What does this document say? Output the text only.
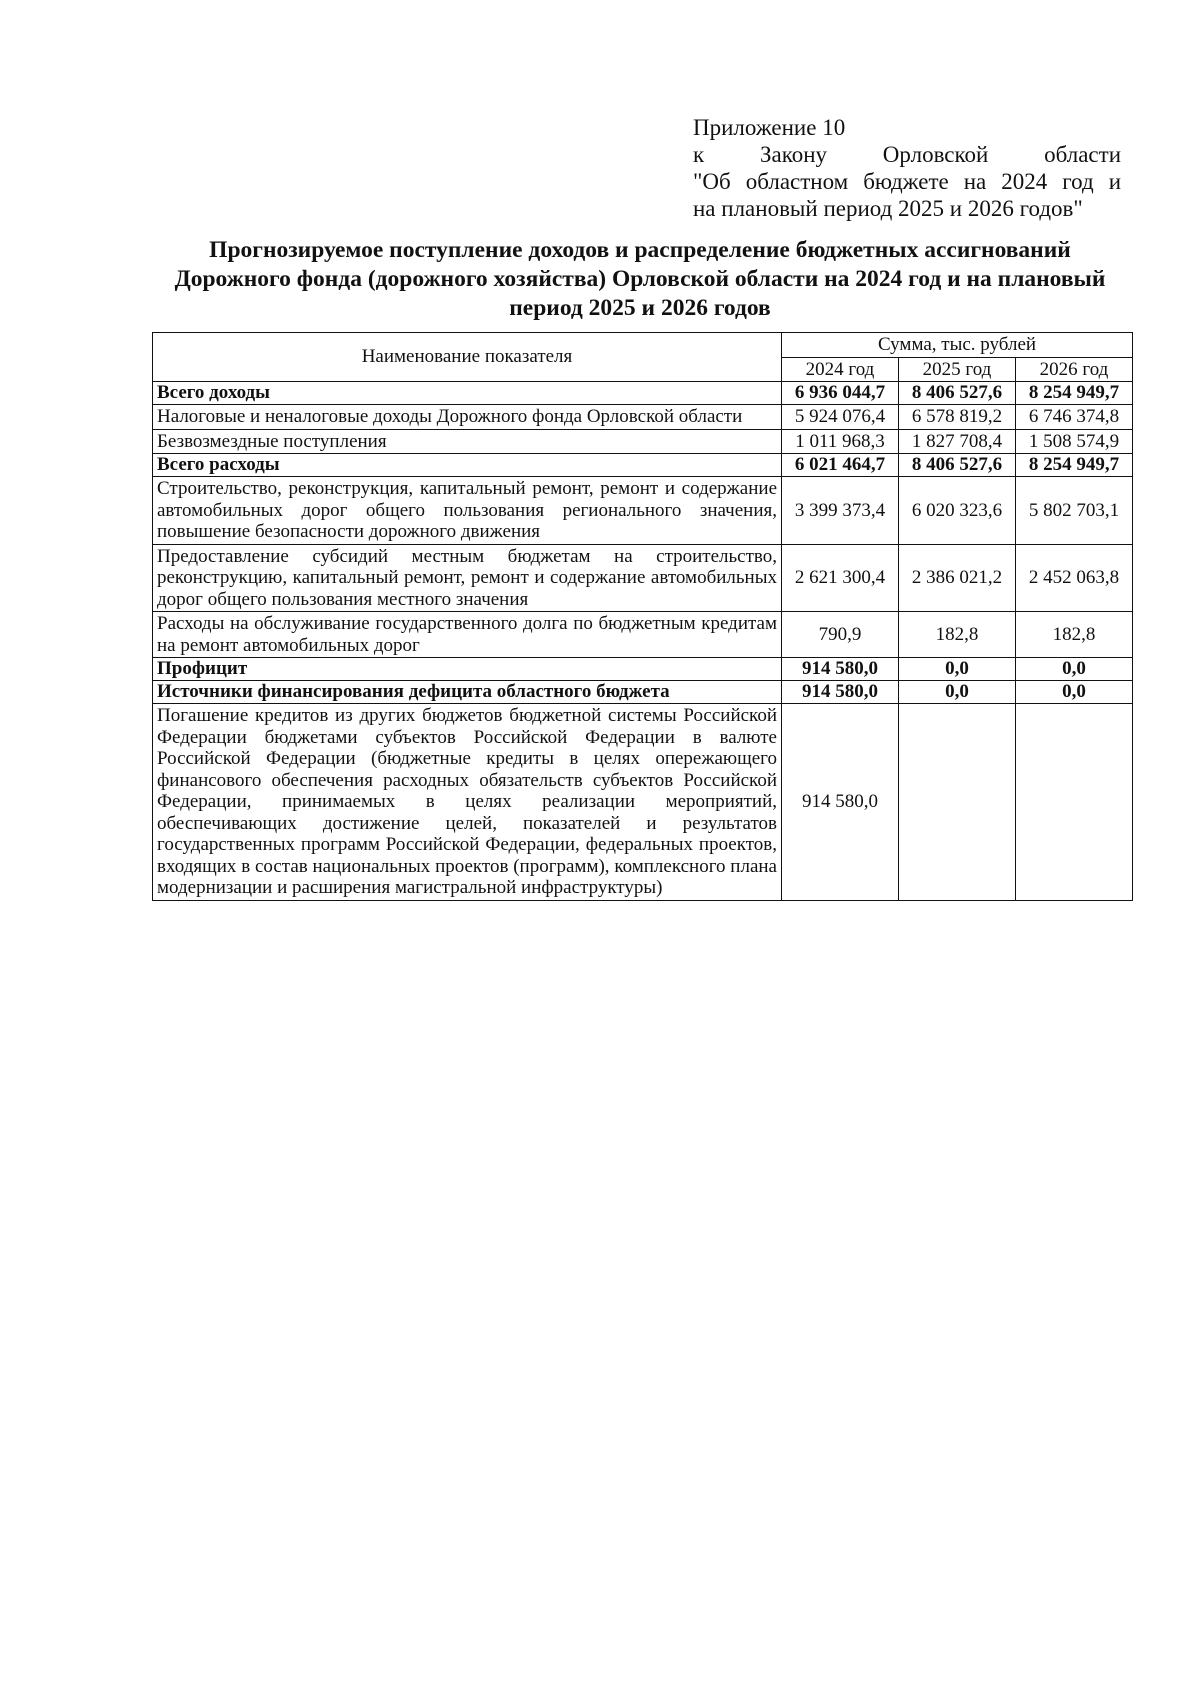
Приложение 10
к Закону Орловской области
"Об областном бюджете на 2024 год и
на плановый период 2025 и 2026 годов"
Прогнозируемое поступление доходов и распределение бюджетных ассигнований Дорожного фонда (дорожного хозяйства) Орловской области на 2024 год и на плановый период 2025 и 2026 годов
Наименование показателя	Сумма, тыс. рублей		
	2024 год	2025 год	2026 год
Всего доходы	6 936 044,7	8 406 527,6	8 254 949,7
Налоговые и неналоговые доходы Дорожного фонда Орловской области	5 924 076,4	6 578 819,2	6 746 374,8
Безвозмездные поступления	1 011 968,3	1 827 708,4	1 508 574,9
Всего расходы	6 021 464,7	8 406 527,6	8 254 949,7
Строительство, реконструкция, капитальный ремонт, ремонт и содержание автомобильных дорог общего пользования регионального значения, повышение безопасности дорожного движения	3 399 373,4	6 020 323,6	5 802 703,1
Предоставление субсидий местным бюджетам на строительство, реконструкцию, капитальный ремонт, ремонт и содержание автомобильных дорог общего пользования местного значения	2 621 300,4	2 386 021,2	2 452 063,8
Расходы на обслуживание государственного долга по бюджетным кредитам на ремонт автомобильных дорог	790,9	182,8	182,8
Профицит	914 580,0	0,0	0,0
Источники финансирования дефицита областного бюджета	914 580,0	0,0	0,0
Погашение кредитов из других бюджетов бюджетной системы Российской Федерации бюджетами субъектов Российской Федерации в валюте Российской Федерации (бюджетные кредиты в целях опережающего финансового обеспечения расходных обязательств субъектов Российской Федерации, принимаемых в целях реализации мероприятий, обеспечивающих достижение целей, показателей и результатов государственных программ Российской Федерации, федеральных проектов, входящих в состав национальных проектов (программ), комплексного плана модернизации и расширения магистральной инфраструктуры)	914 580,0		
